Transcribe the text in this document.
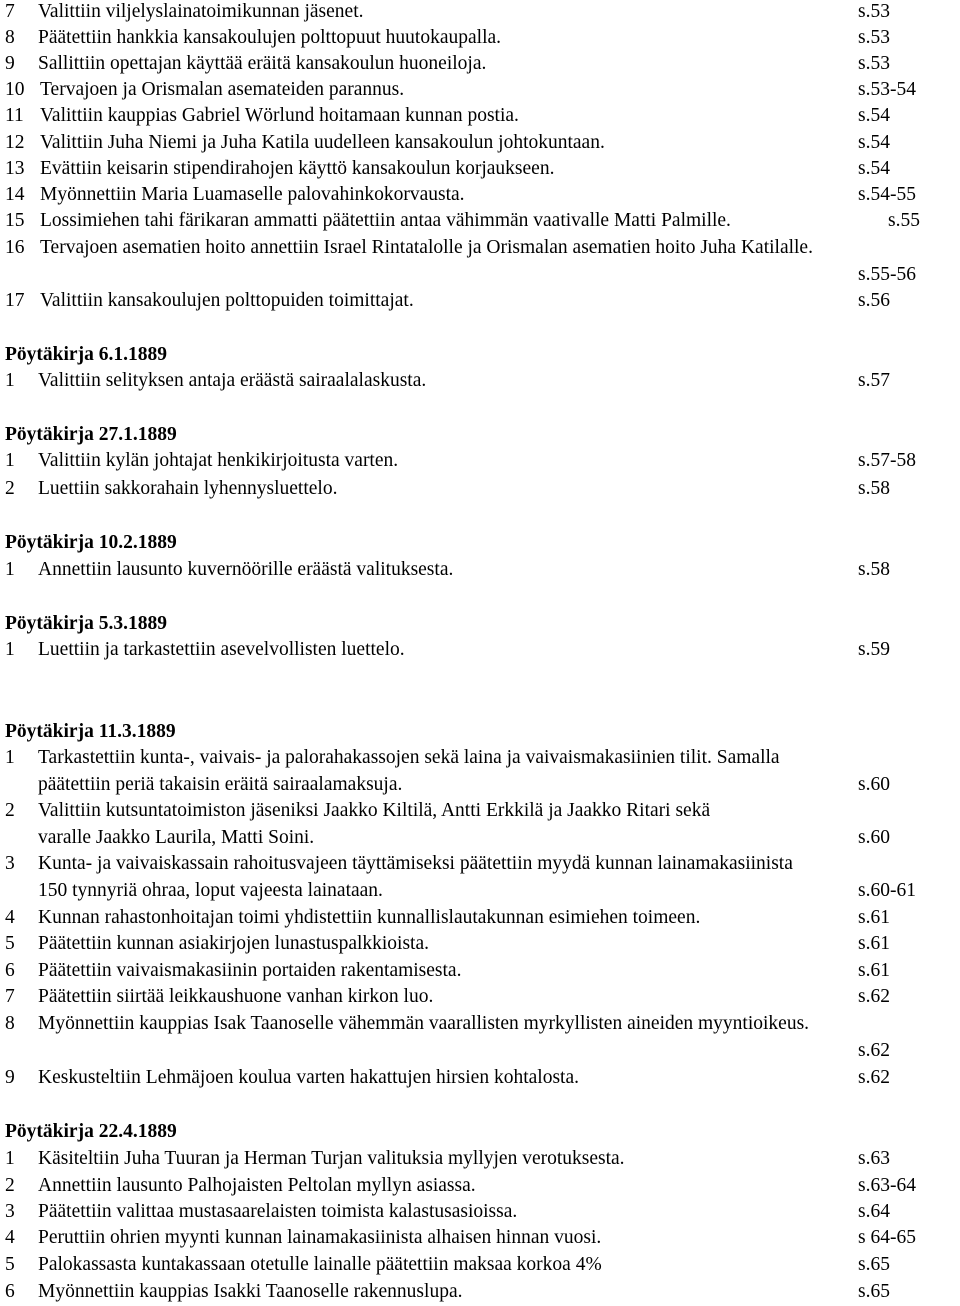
7 Valittiin viljelyslainatoimikunnan jäsenet.	s.53
8 Päätettiin hankkia kansakoulujen polttopuut huutokaupalla.	s.53
9 Sallittiin opettajan käyttää eräitä kansakoulun huoneiloja.	s.53
10 Tervajoen ja Orismalan asemateiden parannus.	s.53-54
11 Valittiin kauppias Gabriel Wörlund hoitamaan kunnan postia.	s.54
12 Valittiin Juha Niemi ja Juha Katila uudelleen kansakoulun johtokuntaan.	s.54
13 Evättiin keisarin stipendirahojen käyttö kansakoulun korjaukseen.	s.54
14 Myönnettiin Maria Luamaselle palovahinkokorvausta.	s.54-55
15 Lossimiehen tahi färikaran ammatti päätettiin antaa vähimmän vaativalle Matti Palmille.	s.55
16 Tervajoen asematien hoito annettiin Israel Rintatalolle ja Orismalan asematien hoito Juha Katilalle.
s.55-56
17 Valittiin kansakoulujen polttopuiden toimittajat.	s.56
Pöytäkirja 6.1.1889
1 Valittiin selityksen antaja eräästä sairaalalaskusta.	s.57
Pöytäkirja 27.1.1889
1 Valittiin kylän johtajat henkikirjoitusta varten.	s.57-58
2 Luettiin sakkorahain lyhennysluettelo.	s.58
Pöytäkirja 10.2.1889
1 Annettiin lausunto kuvernöörille eräästä valituksesta.	s.58
Pöytäkirja 5.3.1889
1 Luettiin ja tarkastettiin asevelvollisten luettelo.	s.59
Pöytäkirja 11.3.1889
1 Tarkastettiin kunta-, vaivais- ja palorahakassojen sekä laina ja vaivaismakasiinien tilit. Samalla
päätettiin periä takaisin eräitä sairaalamaksuja.	s.60
2 Valittiin kutsuntatoimiston jäseniksi Jaakko Kiltilä, Antti Erkkilä ja Jaakko Ritari sekä
varalle Jaakko Laurila, Matti Soini.	s.60
3 Kunta- ja vaivaiskassain rahoitusvajeen täyttämiseksi päätettiin myydä kunnan lainamakasiinista
150 tynnyriä ohraa, loput vajeesta lainataan.	s.60-61
4 Kunnan rahastonhoitajan toimi yhdistettiin kunnallislautakunnan esimiehen toimeen.	s.61
5 Päätettiin kunnan asiakirjojen lunastuspalkkioista.	s.61
6 Päätettiin vaivaismakasiinin portaiden rakentamisesta.	s.61
7 Päätettiin siirtää leikkaushuone vanhan kirkon luo.	s.62
8 Myönnettiin kauppias Isak Taanoselle vähemmän vaarallisten myrkyllisten aineiden myyntioikeus.
s.62
9 Keskusteltiin Lehmäjoen koulua varten hakattujen hirsien kohtalosta.	s.62
Pöytäkirja 22.4.1889
1 Käsiteltiin Juha Tuuran ja Herman Turjan valituksia myllyjen verotuksesta.	s.63
2 Annettiin lausunto Palhojaisten Peltolan myllyn asiassa.	s.63-64
3 Päätettiin valittaa mustasaarelaisten toimista kalastusasioissa.	s.64
4 Peruttiin ohrien myynti kunnan lainamakasiinista alhaisen hinnan vuosi.	s 64-65
5 Palokassasta kuntakassaan otetulle lainalle päätettiin maksaa korkoa 4%	s.65
6 Myönnettiin kauppias Isakki Taanoselle rakennuslupa.	s.65
